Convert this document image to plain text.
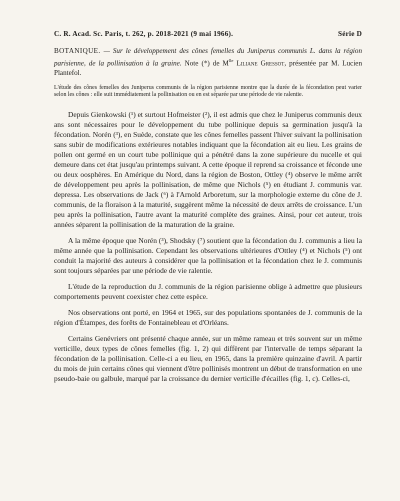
C. R. Acad. Sc. Paris, t. 262, p. 2018-2021 (9 mai 1966).	Série D
BOTANIQUE. — Sur le développement des cônes femelles du Juniperus communis L. dans la région parisienne, de la pollinisation à la graine. Note (*) de $M^{lle}$ Liliane Gressot, présentée par M. Lucien Plantefol.

L'étude des cônes femelles des Juniperus communis de la région parisienne montre que la durée de la fécondation peut varier selon les cônes : elle suit immédiatement la pollinisation ou en est séparée par une période de vie ralentie.

Depuis Gienkowski (¹) et surtout Hofmeister (²), il est admis que chez le Juniperus communis deux ans sont nécessaires pour le développement du tube pollinique depuis sa germination jusqu'à la fécondation. Norén (³), en Suède, constate que les cônes femelles passent l'hiver suivant la pollinisation sans subir de modifications extérieures notables indiquant que la fécondation ait eu lieu. Les grains de pollen ont germé en un court tube pollinique qui a pénétré dans la zone supérieure du nucelle et qui demeure dans cet état jusqu'au printemps suivant. A cette époque il reprend sa croissance et féconde une ou deux oosphères. En Amérique du Nord, dans la région de Boston, Ottley (⁴) observe le même arrêt de développement peu après la pollinisation, de même que Nichols (⁵) en étudiant J. communis var. depressa. Les observations de Jack (⁶) à l'Arnold Arboretum, sur la morphologie externe du cône de J. communis, de la floraison à la maturité, suggèrent même la nécessité de deux arrêts de croissance. L'un peu après la pollinisation, l'autre avant la maturité complète des graines. Ainsi, pour cet auteur, trois années séparent la pollinisation de la maturation de la graine.

A la même époque que Norén (³), Shodsky (⁷) soutient que la fécondation du J. communis a lieu la même année que la pollinisation. Cependant les observations ultérieures d'Ottley (⁴) et Nichols (⁵) ont conduit la majorité des auteurs à considérer que la pollinisation et la fécondation chez le J. communis sont toujours séparées par une période de vie ralentie.

L'étude de la reproduction du J. communis de la région parisienne oblige à admettre que plusieurs comportements peuvent coexister chez cette espèce.

Nos observations ont porté, en 1964 et 1965, sur des populations spontanées de J. communis de la région d'Étampes, des forêts de Fontainebleau et d'Orléans.

Certains Genévriers ont présenté chaque année, sur un même rameau et très souvent sur un même verticille, deux types de cônes femelles (fig. 1, 2) qui diffèrent par l'intervalle de temps séparant la fécondation de la pollinisation. Celle-ci a eu lieu, en 1965, dans la première quinzaine d'avril. A partir du mois de juin certains cônes qui viennent d'être pollinisés montrent un début de transformation en une pseudo-baie ou galbule, marqué par la croissance du dernier verticille d'écailles (fig. 1, c). Celles-ci,
